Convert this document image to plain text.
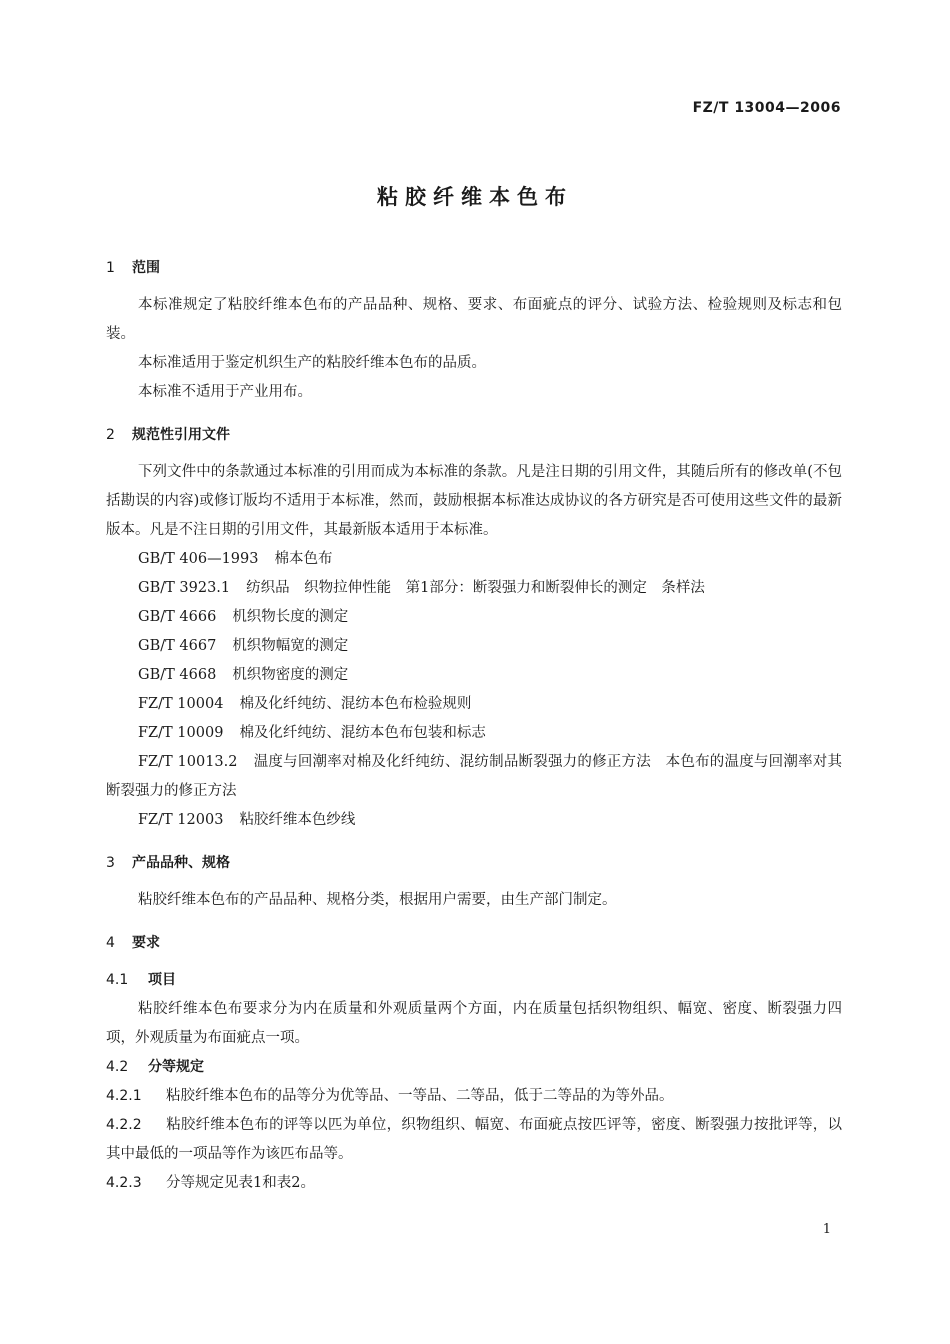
FZ/T 13004—2006
粘胶纤维本色布
1 范围
本标准规定了粘胶纤维本色布的产品品种、规格、要求、布面疵点的评分、试验方法、检验规则及标志和包装。
本标准适用于鉴定机织生产的粘胶纤维本色布的品质。
本标准不适用于产业用布。
2 规范性引用文件
下列文件中的条款通过本标准的引用而成为本标准的条款。凡是注日期的引用文件，其随后所有的修改单(不包括勘误的内容)或修订版均不适用于本标准，然而，鼓励根据本标准达成协议的各方研究是否可使用这些文件的最新版本。凡是不注日期的引用文件，其最新版本适用于本标准。
GB/T 406—1993 棉本色布
GB/T 3923.1 纺织品　织物拉伸性能　第1部分：断裂强力和断裂伸长的测定　条样法
GB/T 4666 机织物长度的测定
GB/T 4667 机织物幅宽的测定
GB/T 4668 机织物密度的测定
FZ/T 10004 棉及化纤纯纺、混纺本色布检验规则
FZ/T 10009 棉及化纤纯纺、混纺本色布包装和标志
FZ/T 10013.2 温度与回潮率对棉及化纤纯纺、混纺制品断裂强力的修正方法　本色布的温度与回潮率对其断裂强力的修正方法
FZ/T 12003 粘胶纤维本色纱线
3 产品品种、规格
粘胶纤维本色布的产品品种、规格分类，根据用户需要，由生产部门制定。
4 要求
4.1 项目
粘胶纤维本色布要求分为内在质量和外观质量两个方面，内在质量包括织物组织、幅宽、密度、断裂强力四项，外观质量为布面疵点一项。
4.2 分等规定
4.2.1 粘胶纤维本色布的品等分为优等品、一等品、二等品，低于二等品的为等外品。
4.2.2 粘胶纤维本色布的评等以匹为单位，织物组织、幅宽、布面疵点按匹评等，密度、断裂强力按批评等，以其中最低的一项品等作为该匹布品等。
4.2.3 分等规定见表1和表2。
1
